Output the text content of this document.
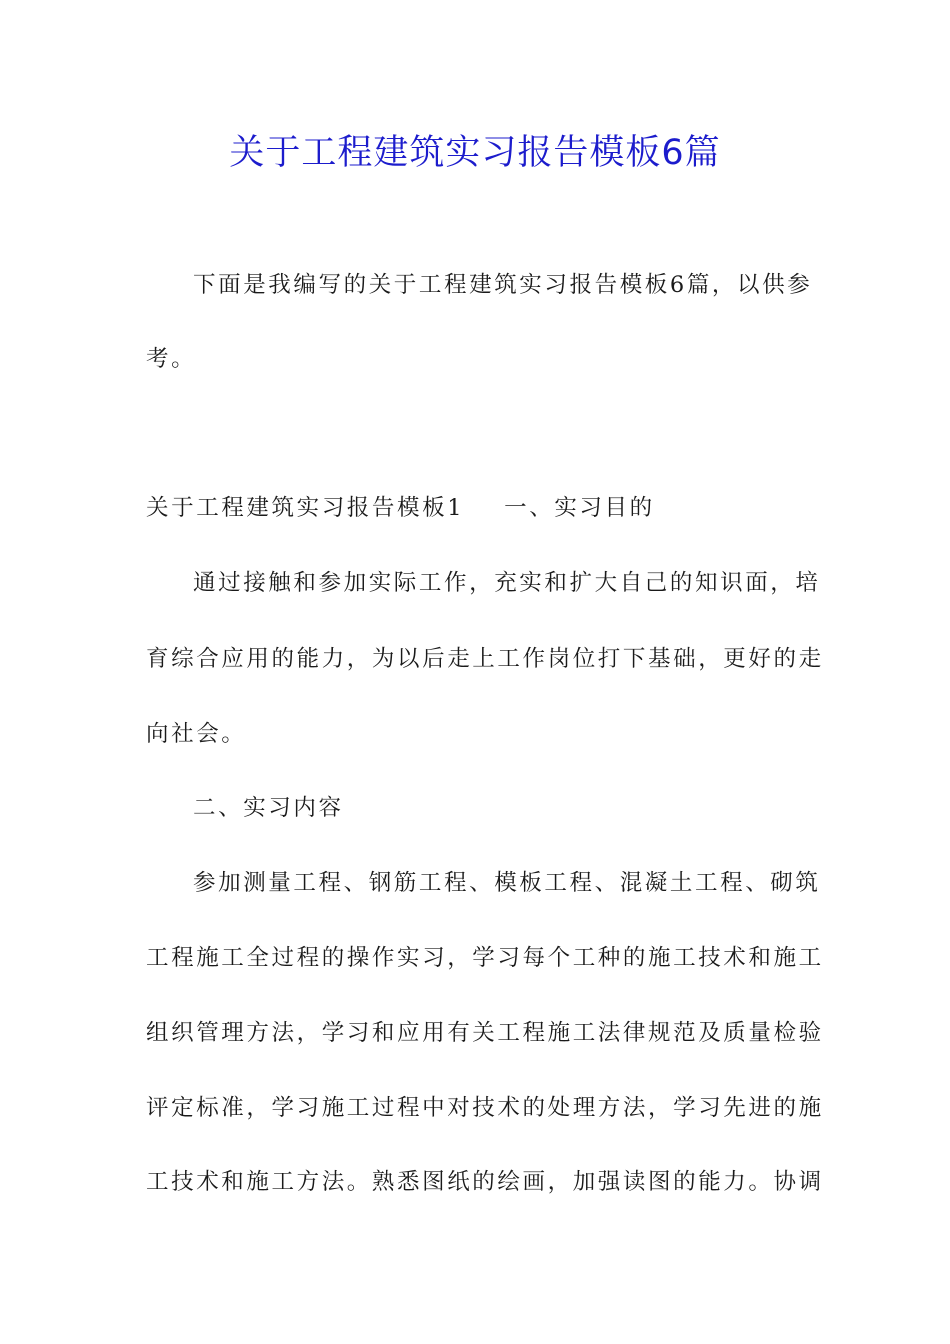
关于工程建筑实习报告模板6篇
下面是我编写的关于工程建筑实习报告模板6篇，以供参
考。
关于工程建筑实习报告模板1 一、实习目的
通过接触和参加实际工作，充实和扩大自己的知识面，培
育综合应用的能力，为以后走上工作岗位打下基础，更好的走
向社会。
二、实习内容
参加测量工程、钢筋工程、模板工程、混凝土工程、砌筑
工程施工全过程的操作实习，学习每个工种的施工技术和施工
组织管理方法，学习和应用有关工程施工法律规范及质量检验
评定标准，学习施工过程中对技术的处理方法，学习先进的施
工技术和施工方法。熟悉图纸的绘画，加强读图的能力。协调
